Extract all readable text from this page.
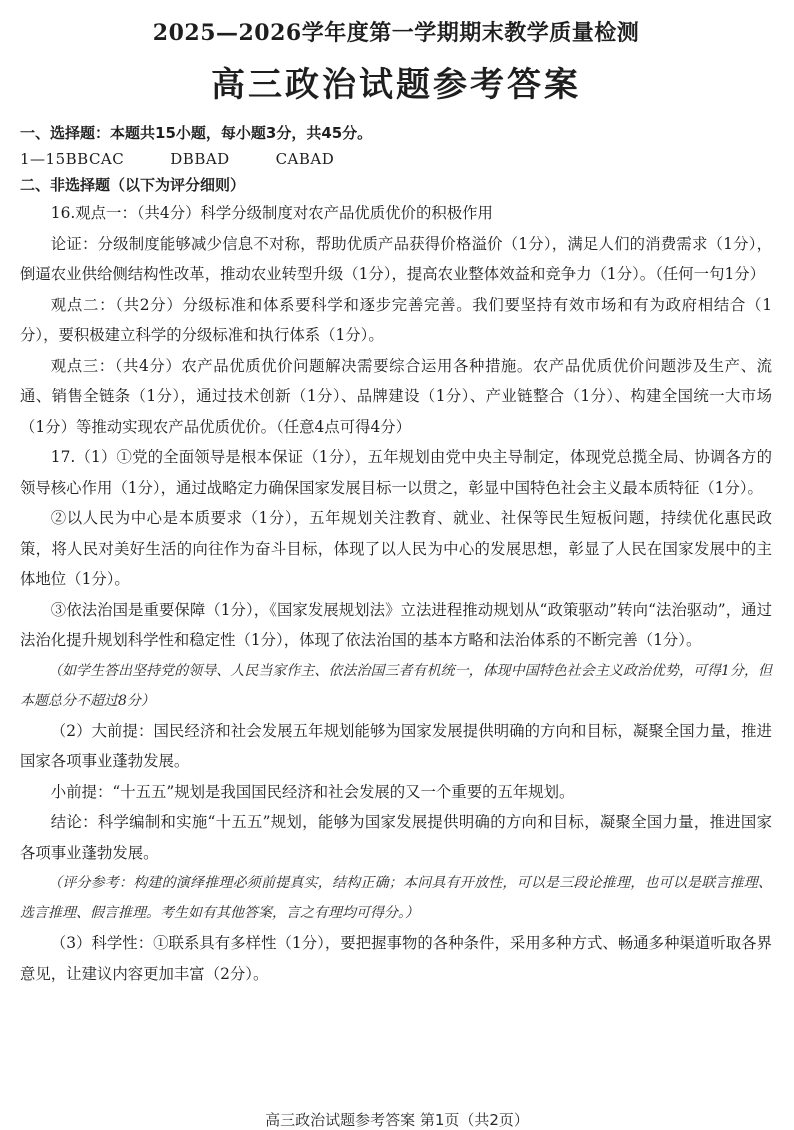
2025—2026学年度第一学期期末教学质量检测
高三政治试题参考答案

一、选择题：本题共15小题，每小题3分，共45分。

1—15BBCAC	DBBAD	CABAD

二、非选择题（以下为评分细则）

16.观点一：（共4分）科学分级制度对农产品优质优价的积极作用

论证：分级制度能够减少信息不对称，帮助优质产品获得价格溢价（1分），满足人们的消费需求（1分），倒逼农业供给侧结构性改革，推动农业转型升级（1分），提高农业整体效益和竞争力（1分）。（任何一句1分）

观点二：（共2分）分级标准和体系要科学和逐步完善完善。我们要坚持有效市场和有为政府相结合（1分），要积极建立科学的分级标准和执行体系（1分）。

观点三：（共4分）农产品优质优价问题解决需要综合运用各种措施。农产品优质优价问题涉及生产、流通、销售全链条（1分），通过技术创新（1分）、品牌建设（1分）、产业链整合（1分）、构建全国统一大市场（1分）等推动实现农产品优质优价。（任意4点可得4分）

17.（1）①党的全面领导是根本保证（1分），五年规划由党中央主导制定，体现党总揽全局、协调各方的领导核心作用（1分），通过战略定力确保国家发展目标一以贯之，彰显中国特色社会主义最本质特征（1分）。

②以人民为中心是本质要求（1分），五年规划关注教育、就业、社保等民生短板问题，持续优化惠民政策，将人民对美好生活的向往作为奋斗目标，体现了以人民为中心的发展思想，彰显了人民在国家发展中的主体地位（1分）。

③依法治国是重要保障（1分），《国家发展规划法》立法进程推动规划从“政策驱动”转向“法治驱动”，通过法治化提升规划科学性和稳定性（1分），体现了依法治国的基本方略和法治体系的不断完善（1分）。

（如学生答出坚持党的领导、人民当家作主、依法治国三者有机统一，体现中国特色社会主义政治优势，可得1分，但本题总分不超过8分）

（2）大前提：国民经济和社会发展五年规划能够为国家发展提供明确的方向和目标，凝聚全国力量，推进国家各项事业蓬勃发展。

小前提：“十五五”规划是我国国民经济和社会发展的又一个重要的五年规划。

结论：科学编制和实施“十五五”规划，能够为国家发展提供明确的方向和目标，凝聚全国力量，推进国家各项事业蓬勃发展。

（评分参考：构建的演绎推理必须前提真实，结构正确；本问具有开放性，可以是三段论推理，也可以是联言推理、选言推理、假言推理。考生如有其他答案，言之有理均可得分。）

（3）科学性：①联系具有多样性（1分），要把握事物的各种条件，采用多种方式、畅通多种渠道听取各界意见，让建议内容更加丰富（2分）。

高三政治试题参考答案 第1页（共2页）
